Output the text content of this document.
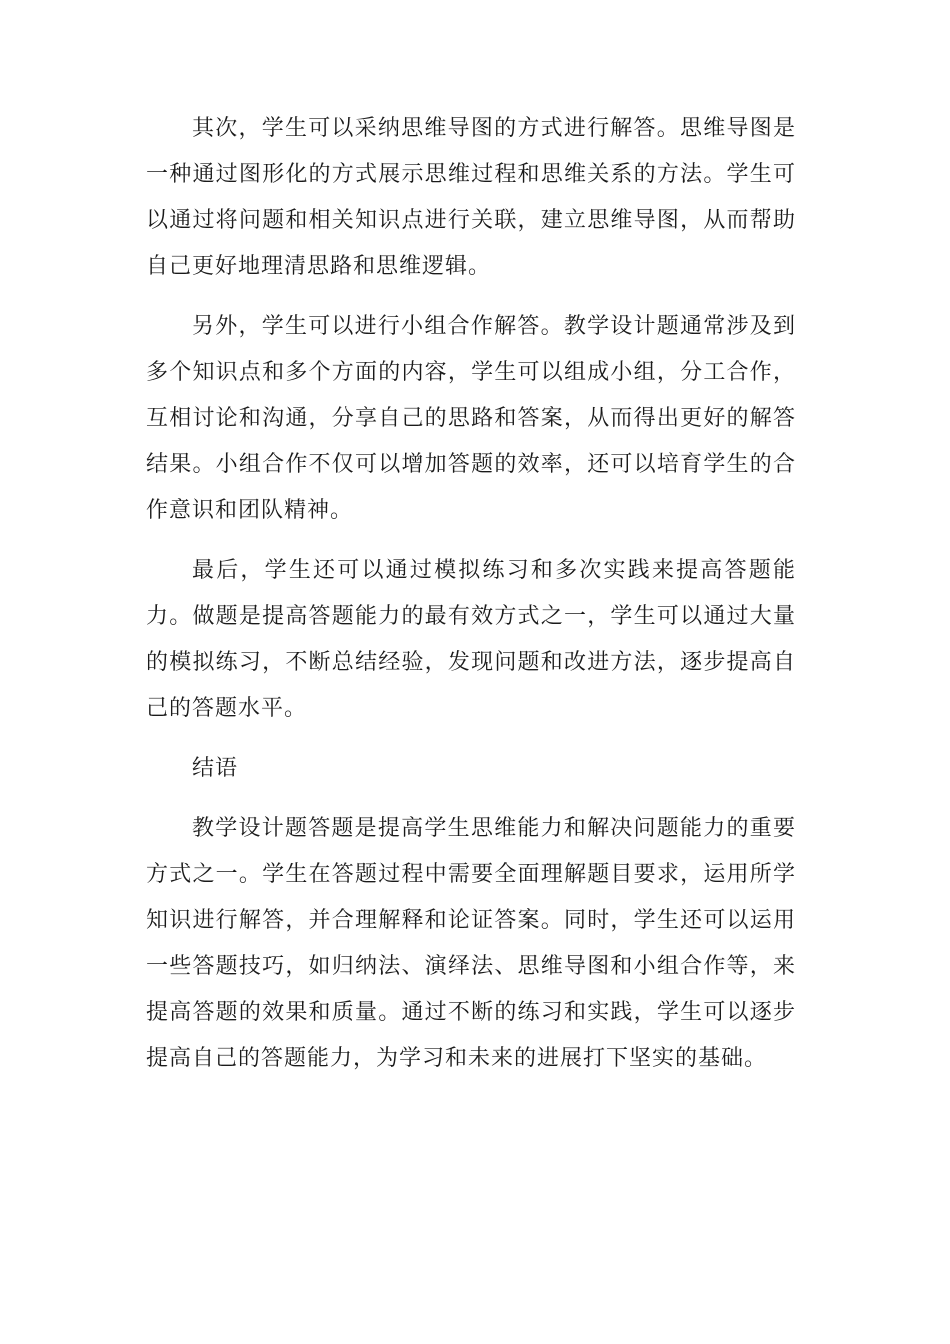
其次，学生可以采纳思维导图的方式进行解答。思维导图是一种通过图形化的方式展示思维过程和思维关系的方法。学生可以通过将问题和相关知识点进行关联，建立思维导图，从而帮助自己更好地理清思路和思维逻辑。

另外，学生可以进行小组合作解答。教学设计题通常涉及到多个知识点和多个方面的内容，学生可以组成小组，分工合作，互相讨论和沟通，分享自己的思路和答案，从而得出更好的解答结果。小组合作不仅可以增加答题的效率，还可以培育学生的合作意识和团队精神。

最后，学生还可以通过模拟练习和多次实践来提高答题能力。做题是提高答题能力的最有效方式之一，学生可以通过大量的模拟练习，不断总结经验，发现问题和改进方法，逐步提高自己的答题水平。

结语

教学设计题答题是提高学生思维能力和解决问题能力的重要方式之一。学生在答题过程中需要全面理解题目要求，运用所学知识进行解答，并合理解释和论证答案。同时，学生还可以运用一些答题技巧，如归纳法、演绎法、思维导图和小组合作等，来提高答题的效果和质量。通过不断的练习和实践，学生可以逐步提高自己的答题能力，为学习和未来的进展打下坚实的基础。
